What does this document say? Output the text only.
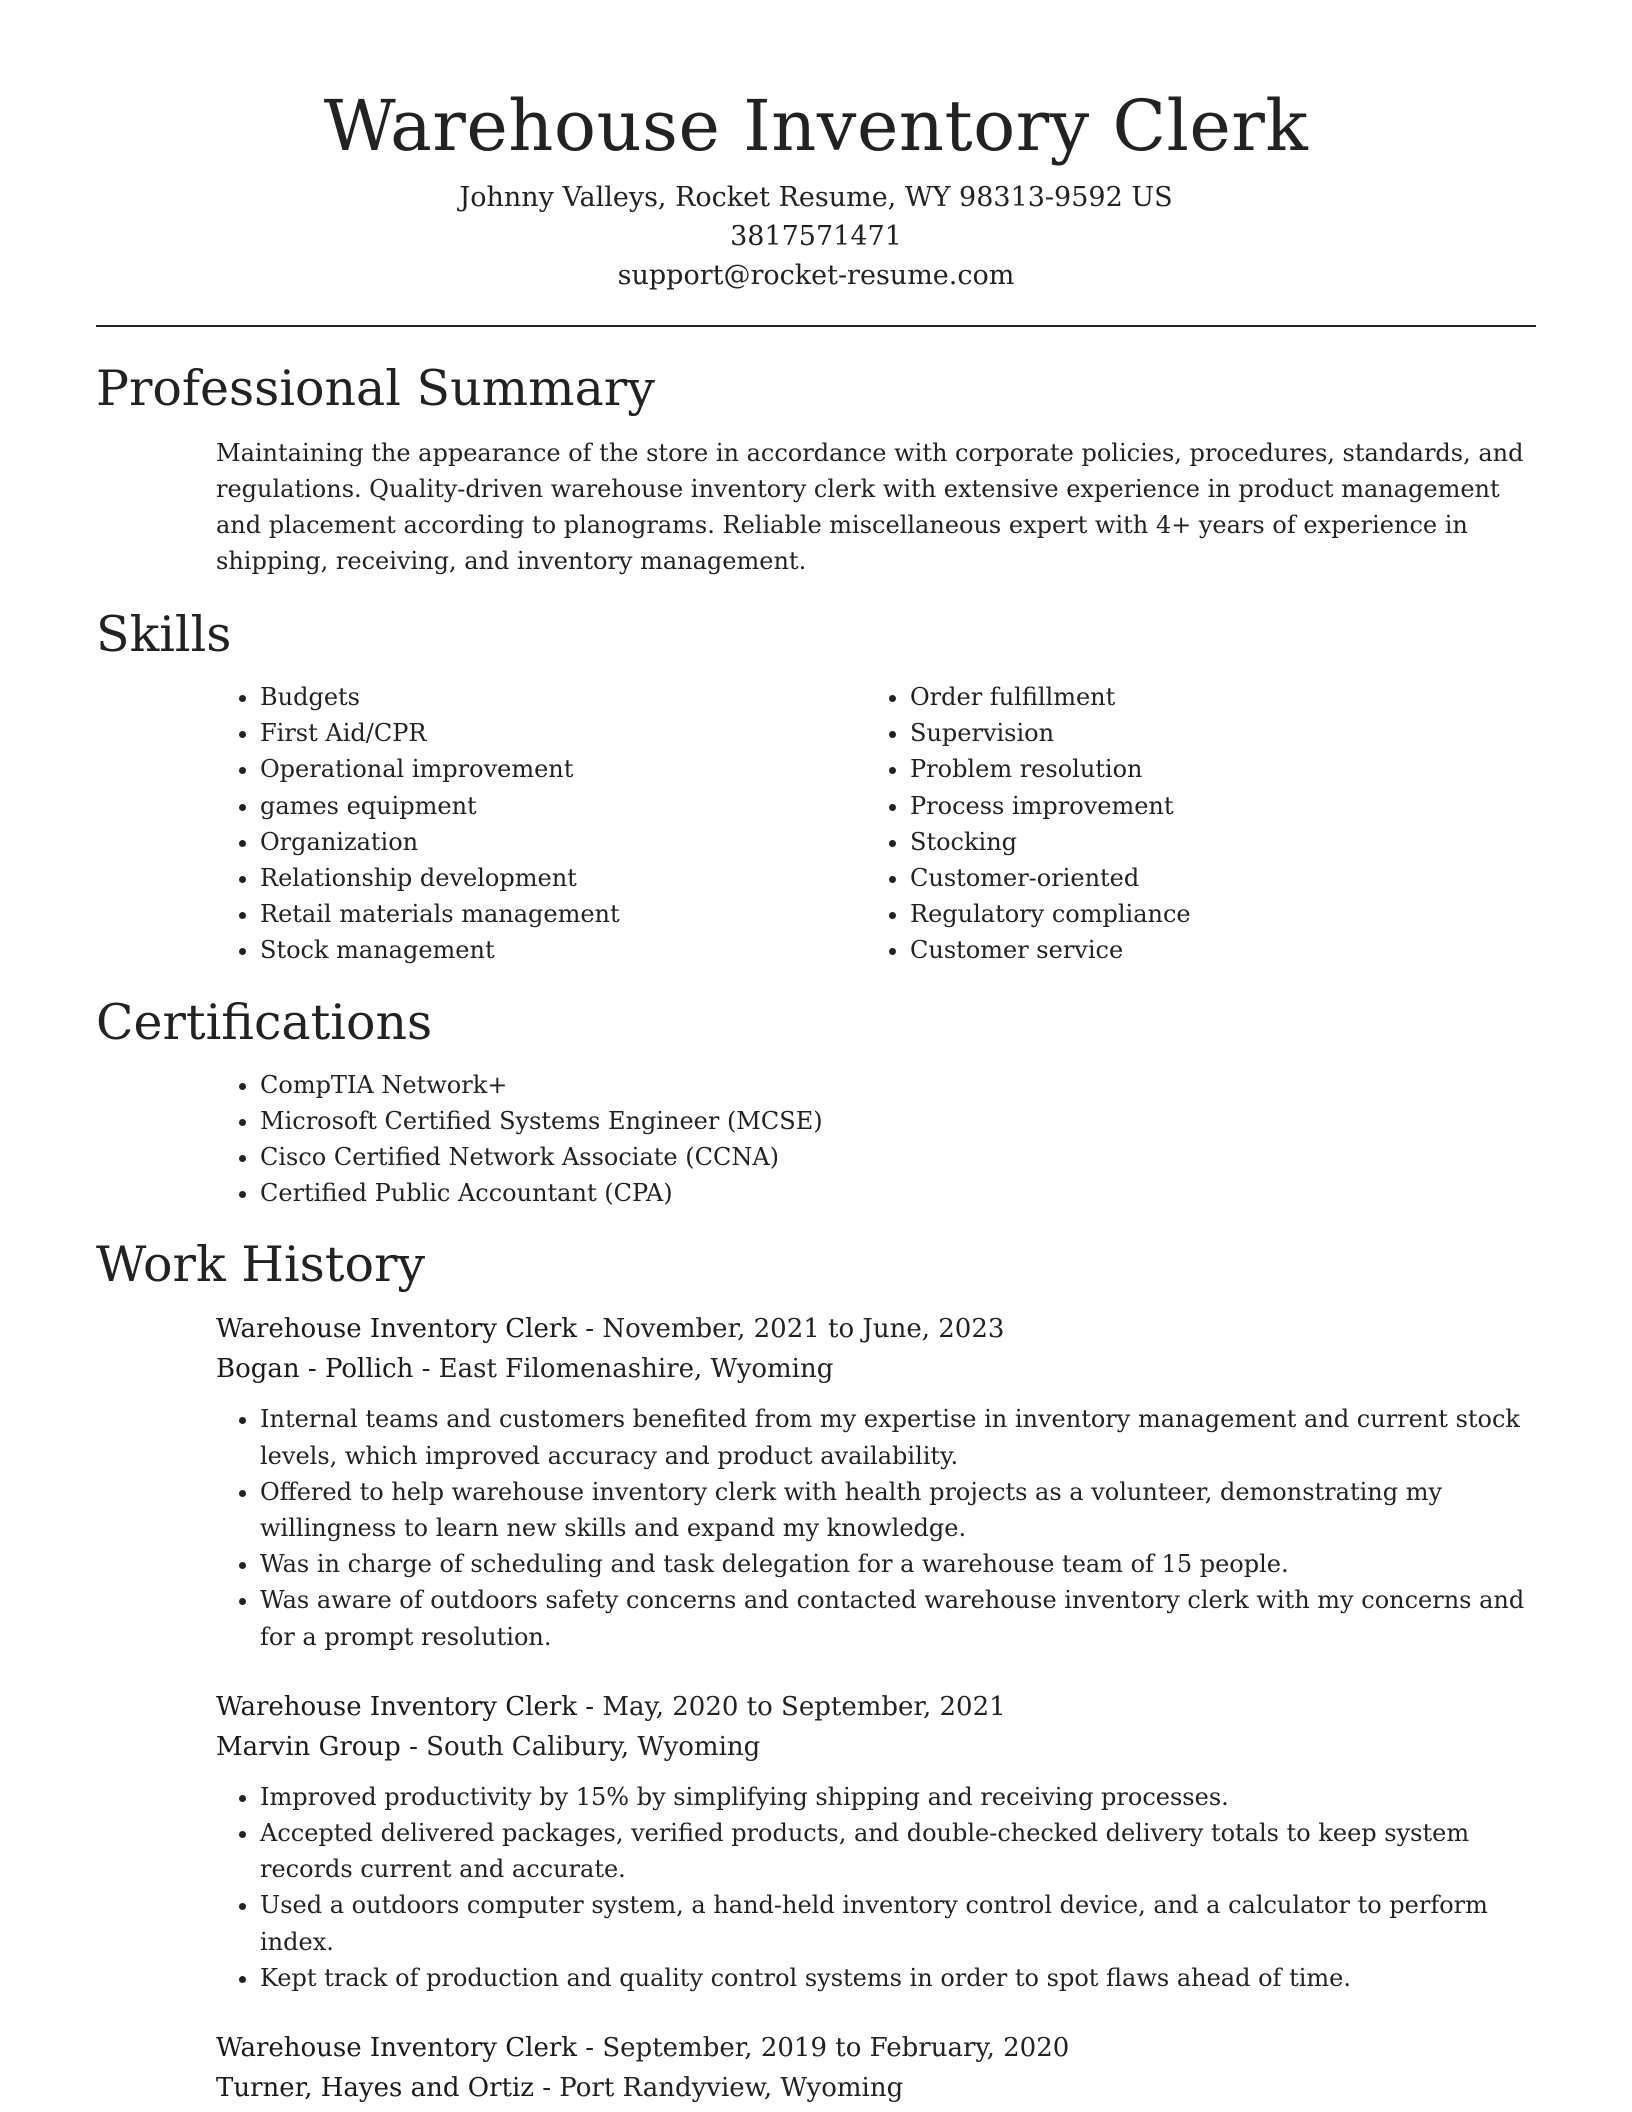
Warehouse Inventory Clerk
Johnny Valleys, Rocket Resume, WY 98313-9592 US
3817571471
support@rocket-resume.com
Professional Summary

Maintaining the appearance of the store in accordance with corporate policies, procedures, standards, and regulations. Quality-driven warehouse inventory clerk with extensive experience in product management and placement according to planograms. Reliable miscellaneous expert with 4+ years of experience in shipping, receiving, and inventory management.

Skills
• Budgets
• First Aid/CPR
• Operational improvement
• games equipment
• Organization
• Relationship development
• Retail materials management
• Stock management
• Order fulfillment
• Supervision
• Problem resolution
• Process improvement
• Stocking
• Customer-oriented
• Regulatory compliance
• Customer service
Certifications
• CompTIA Network+
• Microsoft Certified Systems Engineer (MCSE)
• Cisco Certified Network Associate (CCNA)
• Certified Public Accountant (CPA)
Work History
Warehouse Inventory Clerk - November, 2021 to June, 2023
Bogan - Pollich - East Filomenashire, Wyoming
• Internal teams and customers benefited from my expertise in inventory management and current stock levels, which improved accuracy and product availability.
• Offered to help warehouse inventory clerk with health projects as a volunteer, demonstrating my willingness to learn new skills and expand my knowledge.
• Was in charge of scheduling and task delegation for a warehouse team of 15 people.
• Was aware of outdoors safety concerns and contacted warehouse inventory clerk with my concerns and for a prompt resolution.
Warehouse Inventory Clerk - May, 2020 to September, 2021
Marvin Group - South Calibury, Wyoming
• Improved productivity by 15% by simplifying shipping and receiving processes.
• Accepted delivered packages, verified products, and double-checked delivery totals to keep system records current and accurate.
• Used a outdoors computer system, a hand-held inventory control device, and a calculator to perform index.
• Kept track of production and quality control systems in order to spot flaws ahead of time.
Warehouse Inventory Clerk - September, 2019 to February, 2020
Turner, Hayes and Ortiz - Port Randyview, Wyoming
